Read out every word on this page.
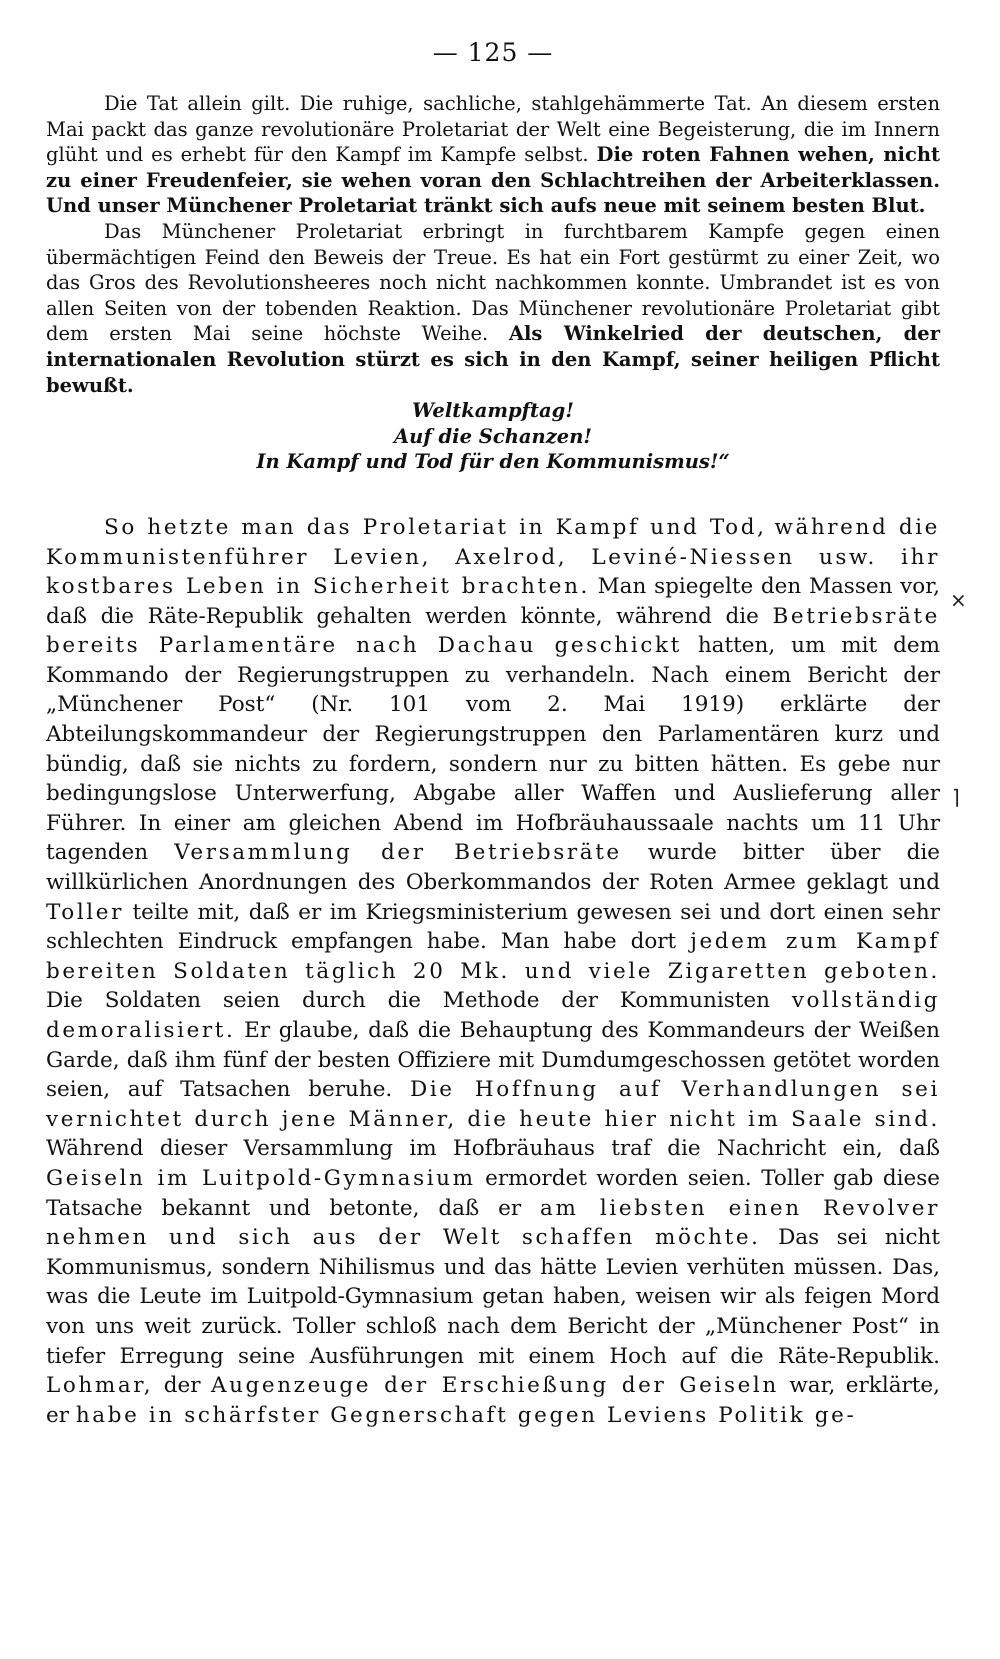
— 125 —

Die Tat allein gilt. Die ruhige, sachliche, stahlgehämmerte Tat. An diesem ersten Mai packt das ganze revolutionäre Proletariat der Welt eine Begeisterung, die im Innern glüht und es erhebt für den Kampf im Kampfe selbst. Die roten Fahnen wehen, nicht zu einer Freudenfeier, sie wehen voran den Schlachtreihen der Arbeiterklassen. Und unser Münchener Proletariat tränkt sich aufs neue mit seinem besten Blut.

Das Münchener Proletariat erbringt in furchtbarem Kampfe gegen einen übermächtigen Feind den Beweis der Treue. Es hat ein Fort gestürmt zu einer Zeit, wo das Gros des Revolutionsheeres noch nicht nachkommen konnte. Umbrandet ist es von allen Seiten von der tobenden Reaktion. Das Münchener revolutionäre Proletariat gibt dem ersten Mai seine höchste Weihe. Als Winkelried der deutschen, der internationalen Revolution stürzt es sich in den Kampf, seiner heiligen Pflicht bewußt.

Weltkampftag!

Auf die Schanzen!

In Kampf und Tod für den Kommunismus!“

So hetzte man das Proletariat in Kampf und Tod, während die Kommunistenführer Levien, Axelrod, Leviné-Niessen usw. ihr kostbares Leben in Sicherheit brachten. Man spiegelte den Massen vor, daß die Räte-Republik gehalten werden könnte, während die Betriebsräte bereits Parlamentäre nach Dachau geschickt hatten, um mit dem Kommando der Regierungstruppen zu verhandeln. Nach einem Bericht der „Münchener Post“ (Nr. 101 vom 2. Mai 1919) erklärte der Abteilungskommandeur der Regierungstruppen den Parlamentären kurz und bündig, daß sie nichts zu fordern, sondern nur zu bitten hätten. Es gebe nur bedingungslose Unterwerfung, Abgabe aller Waffen und Auslieferung aller Führer. In einer am gleichen Abend im Hofbräuhaussaale nachts um 11 Uhr tagenden Versammlung der Betriebsräte wurde bitter über die willkürlichen Anordnungen des Oberkommandos der Roten Armee geklagt und Toller teilte mit, daß er im Kriegsministerium gewesen sei und dort einen sehr schlechten Eindruck empfangen habe. Man habe dort jedem zum Kampf bereiten Soldaten täglich 20 Mk. und viele Zigaretten geboten. Die Soldaten seien durch die Methode der Kommunisten vollständig demoralisiert. Er glaube, daß die Behauptung des Kommandeurs der Weißen Garde, daß ihm fünf der besten Offiziere mit Dumdumgeschossen getötet worden seien, auf Tatsachen beruhe. Die Hoffnung auf Verhandlungen sei vernichtet durch jene Männer, die heute hier nicht im Saale sind. Während dieser Versammlung im Hofbräuhaus traf die Nachricht ein, daß Geiseln im Luitpold-Gymnasium ermordet worden seien. Toller gab diese Tatsache bekannt und betonte, daß er am liebsten einen Revolver nehmen und sich aus der Welt schaffen möchte. Das sei nicht Kommunismus, sondern Nihilismus und das hätte Levien verhüten müssen. Das, was die Leute im Luitpold-Gymnasium getan haben, weisen wir als feigen Mord von uns weit zurück. Toller schloß nach dem Bericht der „Münchener Post“ in tiefer Erregung seine Ausführungen mit einem Hoch auf die Räte-Republik. Lohmar, der Augenzeuge der Erschießung der Geiseln war, erklärte, er habe in schärfster Gegnerschaft gegen Leviens Politik ge-

×
⌉
